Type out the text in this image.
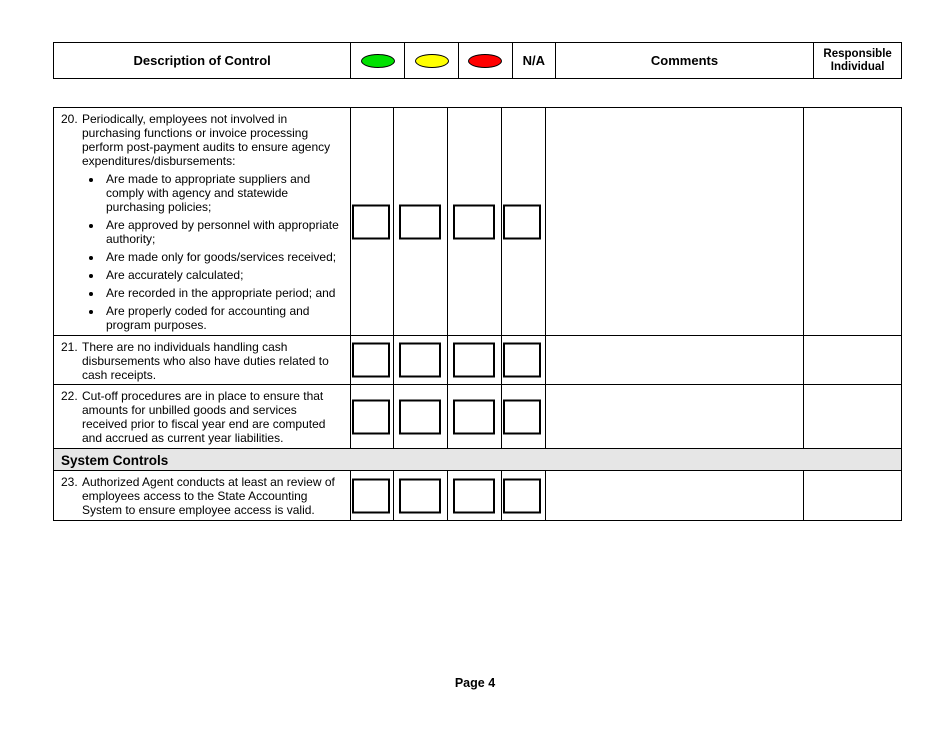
Description of Control	N/A	Comments	Responsible
Individual
20. Periodically, employees not involved in purchasing functions or invoice processing perform post-payment audits to ensure agency expenditures/disbursements:
• Are made to appropriate suppliers and comply with agency and statewide purchasing policies;
• Are approved by personnel with appropriate authority;
• Are made only for goods/services received;
• Are accurately calculated;
• Are recorded in the appropriate period; and
• Are properly coded for accounting and program purposes.
21. There are no individuals handling cash disbursements who also have duties related to cash receipts.
22. Cut-off procedures are in place to ensure that amounts for unbilled goods and services received prior to fiscal year end are computed and accrued as current year liabilities.
System Controls
23. Authorized Agent conducts at least an review of employees access to the State Accounting System to ensure employee access is valid.
Page 4
